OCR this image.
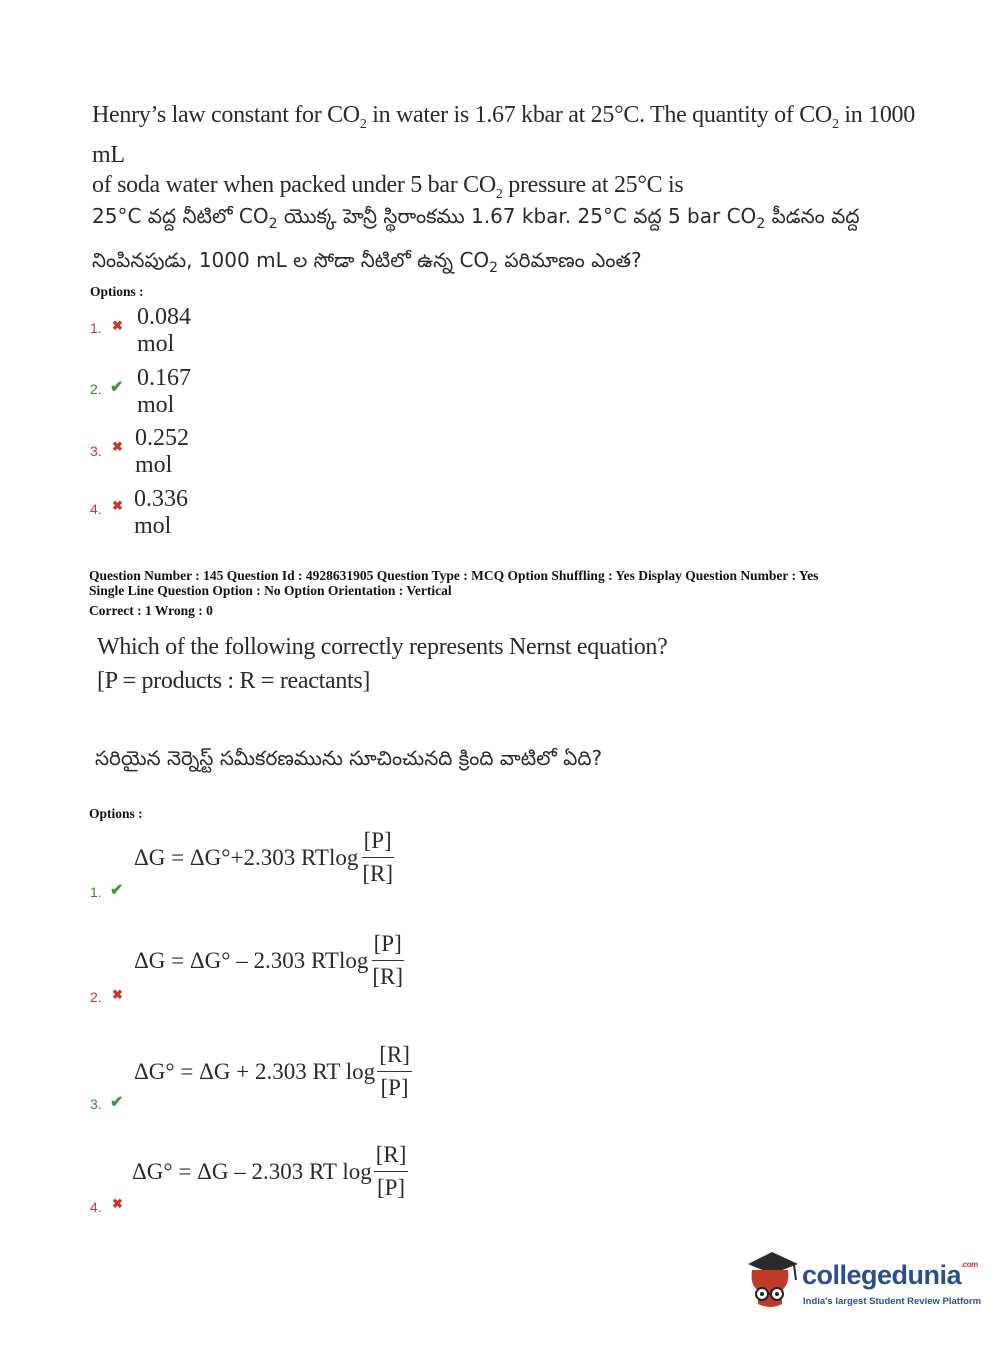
Henry’s law constant for $CO_2$ in water is 1.67 kbar at 25°C. The quantity of $CO_2$ in 1000 mL
of soda water when packed under 5 bar $CO_2$ pressure at 25°C is
25°C వద్ద నీటిలో $CO_2$ యొక్క హెన్రీ స్థిరాంకము 1.67 kbar. 25°C వద్ద 5 bar $CO_2$ పీడనం వద్ద
నింపినపుడు, 1000 mL ల సోడా నీటిలో ఉన్న $CO_2$ పరిమాణం ఎంత?
Options :
1. ✖ 0.084 mol
2. ✔ 0.167 mol
3. ✖ 0.252 mol
4. ✖ 0.336 mol
Question Number : 145 Question Id : 4928631905 Question Type : MCQ Option Shuffling : Yes Display Question Number : Yes
Single Line Question Option : No Option Orientation : Vertical
Correct : 1 Wrong : 0
Which of the following correctly represents Nernst equation?
[P = products : R = reactants]
సరియైన నెర్నెస్ట్ సమీకరణమును సూచించునది క్రింది వాటిలో ఏది?
Options :
ΔG = ΔG°+2.303 RTlog $\frac{[P]}{[R]}$
1. ✔
ΔG = ΔG° – 2.303 RTlog $\frac{[P]}{[R]}$
2. ✖
ΔG° = ΔG + 2.303 RT $\log \frac{[R]}{[P]}$
3. ✔
ΔG° = ΔG – 2.303 RT $\log \frac{[R]}{[P]}$
4. ✖
collegedunia$^{.com}$
India's largest Student Review Platform
